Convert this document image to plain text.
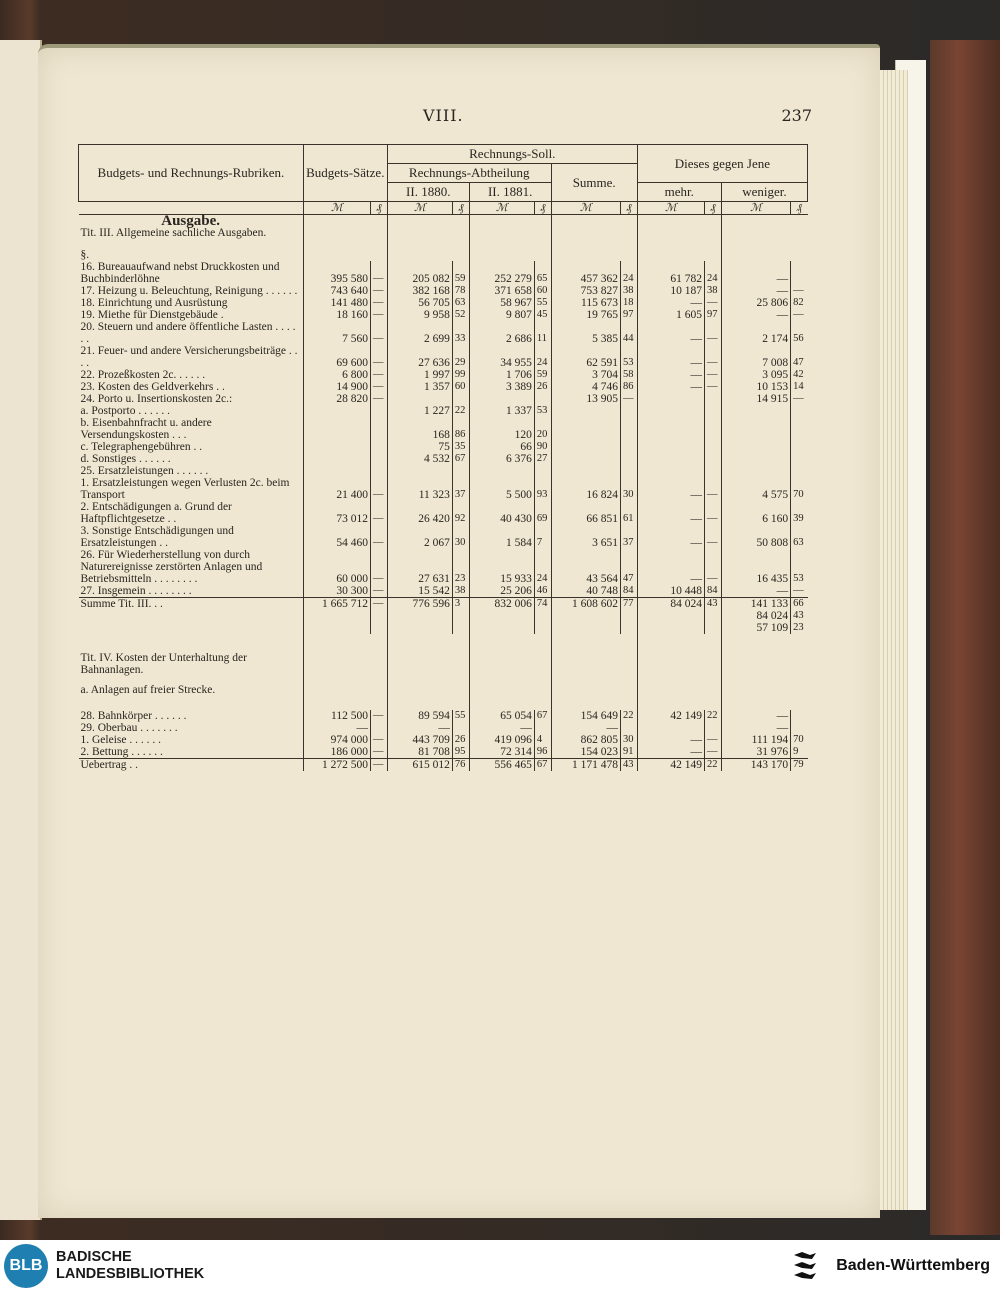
VIII.	237
Budgets- und Rechnungs-Rubriken.	Budgets-Sätze.		Rechnungs-Soll.						Dieses gegen Jene			
			Rechnungs-Abtheilung				Summe.					
			II. 1880.		II. 1881.				mehr.		weniger.	
	ℳ	₰	ℳ	₰	ℳ	₰	ℳ	₰	ℳ	₰	ℳ	₰
Ausgabe.												
Tit. III. Allgemeine sachliche Ausgaben.												
§.												
16. Bureauaufwand nebst Druckkosten und Buchbinderlöhne	395 580	—	205 082	59	252 279	65	457 362	24	61 782	24	—	
17. Heizung u. Beleuchtung, Reinigung . . . . . .	743 640	—	382 168	78	371 658	60	753 827	38	10 187	38	—	—
18. Einrichtung und Ausrüstung	141 480	—	56 705	63	58 967	55	115 673	18	—	—	25 806	82
19. Miethe für Dienstgebäude .	18 160	—	9 958	52	9 807	45	19 765	97	1 605	97	—	—
20. Steuern und andere öffentliche Lasten . . . . . .	7 560	—	2 699	33	2 686	11	5 385	44	—	—	2 174	56
21. Feuer- und andere Versicherungsbeiträge . . . .	69 600	—	27 636	29	34 955	24	62 591	53	—	—	7 008	47
22. Prozeßkosten 2c. . . . . .	6 800	—	1 997	99	1 706	59	3 704	58	—	—	3 095	42
23. Kosten des Geldverkehrs . .	14 900	—	1 357	60	3 389	26	4 746	86	—	—	10 153	14
24. Porto u. Insertionskosten 2c.:	28 820	—					13 905	—			14 915	—
a. Postporto . . . . . .			1 227	22	1 337	53						
b. Eisenbahnfracht u. andere Versendungskosten . . .			168	86	120	20						
c. Telegraphengebühren . .			75	35	66	90						
d. Sonstiges . . . . . .			4 532	67	6 376	27						
25. Ersatzleistungen . . . . . .												
1. Ersatzleistungen wegen Verlusten 2c. beim Transport	21 400	—	11 323	37	5 500	93	16 824	30	—	—	4 575	70
2. Entschädigungen a. Grund der Haftpflichtgesetze . .	73 012	—	26 420	92	40 430	69	66 851	61	—	—	6 160	39
3. Sonstige Entschädigungen und Ersatzleistungen . .	54 460	—	2 067	30	1 584	7	3 651	37	—	—	50 808	63
26. Für Wiederherstellung von durch Naturereignisse zerstörten Anlagen und Betriebsmitteln . . . . . . . .	60 000	—	27 631	23	15 933	24	43 564	47	—	—	16 435	53
27. Insgemein . . . . . . . .	30 300	—	15 542	38	25 206	46	40 748	84	10 448	84	—	—
Summe Tit. III. . .	1 665 712	—	776 596	3	832 006	74	1 608 602	77	84 024	43	141 133	66
											84 024	43
											57 109	23
Tit. IV. Kosten der Unterhaltung der Bahnanlagen.												
a. Anlagen auf freier Strecke.												
28. Bahnkörper . . . . . .	112 500	—	89 594	55	65 054	67	154 649	22	42 149	22	—	
29. Oberbau . . . . . . .	—		—		—		—				—	
1. Geleise . . . . . .	974 000	—	443 709	26	419 096	4	862 805	30	—	—	111 194	70
2. Bettung . . . . . .	186 000	—	81 708	95	72 314	96	154 023	91	—	—	31 976	9
Uebertrag . .	1 272 500	—	615 012	76	556 465	67	1 171 478	43	42 149	22	143 170	79
BLB BADISCHE
LANDESBIBLIOTHEK	Baden-Württemberg
